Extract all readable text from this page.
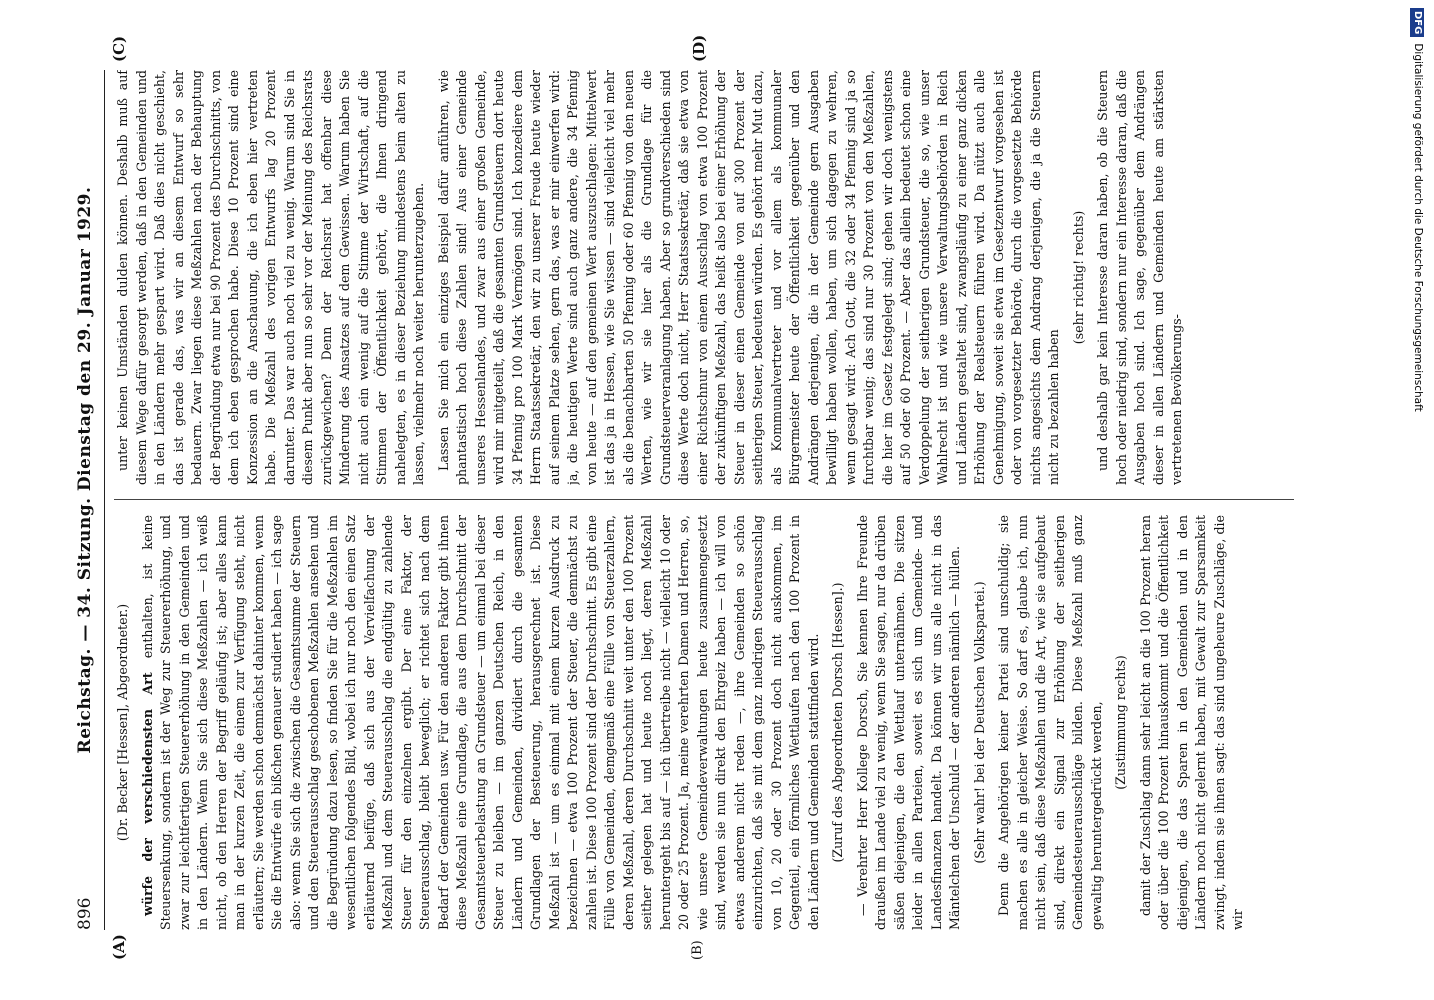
896
Reichstag. — 34. Sitzung. Dienstag den 29. Januar 1929.
(A)	(B)
(C)	(D)

(Dr. Becker [Hessen], Abgeordneter.) würfe der verschiedensten Art enthalten, ist keine Steuersenkung, sondern ist der Weg zur Steuererhöhung, und zwar zur leichtfertigen Steuererhöhung in den Gemeinden und in den Ländern. Wenn Sie sich diese Meßzahlen — ich weiß nicht, ob den Herren der Begriff geläufig ist; aber alles kann man in der kurzen Zeit, die einem zur Verfügung steht, nicht erläutern; Sie werden schon demnächst dahinter kommen, wenn Sie die Entwürfe ein bißchen genauer studiert haben — ich sage also: wenn Sie sich die zwischen die Gesamtsumme der Steuern und den Steuerausschlag geschobenen Meßzahlen ansehen und die Begründung dazu lesen, so finden Sie für die Meßzahlen im wesentlichen folgendes Bild, wobei ich nur noch den einen Satz erläuternd beifüge, daß sich aus der Vervielfachung der Meßzahl und dem Steuerausschlag die endgültig zu zahlende Steuer für den einzelnen ergibt. Der eine Faktor, der Steuerausschlag, bleibt beweglich; er richtet sich nach dem Bedarf der Gemeinden usw. Für den anderen Faktor gibt ihnen diese Meßzahl eine Grundlage, die aus dem Durchschnitt der Gesamtsteuerbelastung an Grundsteuer — um einmal bei dieser Steuer zu bleiben — im ganzen Deutschen Reich, in den Ländern und Gemeinden, dividiert durch die gesamten Grundlagen der Besteuerung, herausgerechnet ist. Diese Meßzahl ist — um es einmal mit einem kurzen Ausdruck zu bezeichnen — etwa 100 Prozent der Steuer, die demnächst zu zahlen ist. Diese 100 Prozent sind der Durchschnitt. Es gibt eine Fülle von Gemeinden, demgemäß eine Fülle von Steuerzahlern, deren Meßzahl, deren Durchschnitt weit unter den 100 Prozent seither gelegen hat und heute noch liegt, deren Meßzahl heruntergeht bis auf — ich übertreibe nicht — vielleicht 10 oder 20 oder 25 Prozent. Ja, meine verehrten Damen und Herren, so, wie unsere Gemeindeverwaltungen heute zusammengesetzt sind, werden sie nun direkt den Ehrgeiz haben — ich will von etwas anderem nicht reden —, ihre Gemeinden so schön einzurichten, daß sie mit dem ganz niedrigen Steuerausschlag von 10, 20 oder 30 Prozent doch nicht auskommen, im Gegenteil, ein förmliches Wettlaufen nach den 100 Prozent in den Ländern und Gemeinden stattfinden wird. (Zuruf des Abgeordneten Dorsch [Hessen].) — Verehrter Herr Kollege Dorsch, Sie kennen Ihre Freunde draußen im Lande viel zu wenig, wenn Sie sagen, nur da drüben säßen diejenigen, die den Wettlauf unternähmen. Die sitzen leider in allen Parteien, soweit es sich um Gemeinde- und Landesfinanzen handelt. Da können wir uns alle nicht in das Mäntelchen der Unschuld — der anderen nämlich — hüllen. (Sehr wahr! bei der Deutschen Volkspartei.) Denn die Angehörigen keiner Partei sind unschuldig; sie machen es alle in gleicher Weise. So darf es, glaube ich, nun nicht sein, daß diese Meßzahlen und die Art, wie sie aufgebaut sind, direkt ein Signal zur Erhöhung der seitherigen Gemeindesteuerausschläge bilden. Diese Meßzahl muß ganz gewaltig heruntergedrückt werden, (Zustimmung rechts) damit der Zuschlag dann sehr leicht an die 100 Prozent heran oder über die 100 Prozent hinauskommt und die Öffentlichkeit diejenigen, die das Sparen in den Gemeinden und in den Ländern noch nicht gelernt haben, mit Gewalt zur Sparsamkeit zwingt, indem sie ihnen sagt: das sind ungeheure Zuschläge, die wir

unter keinen Umständen dulden können. Deshalb muß auf diesem Wege dafür gesorgt werden, daß in den Gemeinden und in den Ländern mehr gespart wird. Daß dies nicht geschieht, das ist gerade das, was wir an diesem Entwurf so sehr bedauern. Zwar liegen diese Meßzahlen nach der Behauptung der Begründung etwa nur bei 90 Prozent des Durchschnitts, von dem ich eben gesprochen habe. Diese 10 Prozent sind eine Konzession an die Anschauung, die ich eben hier vertreten habe. Die Meßzahl des vorigen Entwurfs lag 20 Prozent darunter. Das war auch noch viel zu wenig. Warum sind Sie in diesem Punkt aber nun so sehr vor der Meinung des Reichsrats zurückgewichen? Denn der Reichsrat hat offenbar diese Minderung des Ansatzes auf dem Gewissen. Warum haben Sie nicht auch ein wenig auf die Stimme der Wirtschaft, auf die Stimmen der Öffentlichkeit gehört, die Ihnen dringend nahelegten, es in dieser Beziehung mindestens beim alten zu lassen, vielmehr noch weiter herunterzugehen. Lassen Sie mich ein einziges Beispiel dafür anführen, wie phantastisch hoch diese Zahlen sind! Aus einer Gemeinde unseres Hessenlandes, und zwar aus einer großen Gemeinde, wird mir mitgeteilt, daß die gesamten Grundsteuern dort heute 34 Pfennig pro 100 Mark Vermögen sind. Ich konzediere dem Herrn Staatssekretär, den wir zu unserer Freude heute wieder auf seinem Platze sehen, gern das, was er mir einwerfen wird: ja, die heutigen Werte sind auch ganz andere, die 34 Pfennig von heute — auf den gemeinen Wert auszuschlagen: Mittelwert ist das ja in Hessen, wie Sie wissen — sind vielleicht viel mehr als die benachbarten 50 Pfennig oder 60 Pfennig von den neuen Werten, wie wir sie hier als die Grundlage für die Grundsteuerveranlagung haben. Aber so grundverschieden sind diese Werte doch nicht, Herr Staatssekretär, daß sie etwa von einer Richtschnur von einem Ausschlag von etwa 100 Prozent der zukünftigen Meßzahl, das heißt also bei einer Erhöhung der Steuer in dieser einen Gemeinde von auf 300 Prozent der seitherigen Steuer, bedeuten würden. Es gehört mehr Mut dazu, als Kommunalvertreter und vor allem als kommunaler Bürgermeister heute der Öffentlichkeit gegenüber und den Andrängen derjenigen, die in der Gemeinde gern Ausgaben bewilligt haben wollen, haben, um sich dagegen zu wehren, wenn gesagt wird: Ach Gott, die 32 oder 34 Pfennig sind ja so furchtbar wenig; das sind nur 30 Prozent von den Meßzahlen, die hier im Gesetz festgelegt sind; gehen wir doch wenigstens auf 50 oder 60 Prozent. — Aber das allein bedeutet schon eine Verdoppelung der seitherigen Grundsteuer, die so, wie unser Wahlrecht ist und wie unsere Verwaltungsbehörden in Reich und Ländern gestaltet sind, zwangsläufig zu einer ganz dicken Erhöhung der Realsteuern führen wird. Da nützt auch alle Genehmigung, soweit sie etwa im Gesetzentwurf vorgesehen ist oder von vorgesetzter Behörde, durch die vorgesetzte Behörde nichts angesichts dem Andrang derjenigen, die ja die Steuern nicht zu bezahlen haben

(sehr richtig! rechts) und deshalb gar kein Interesse daran haben, ob die Steuern hoch oder niedrig sind, sondern nur ein Interesse daran, daß die Ausgaben hoch sind. Ich sage, gegenüber dem Andrängen dieser in allen Ländern und Gemeinden heute am stärksten vertretenen Bevölkerungs-

DFGDigitalisierung gefördert durch die Deutsche Forschungsgemeinschaft
